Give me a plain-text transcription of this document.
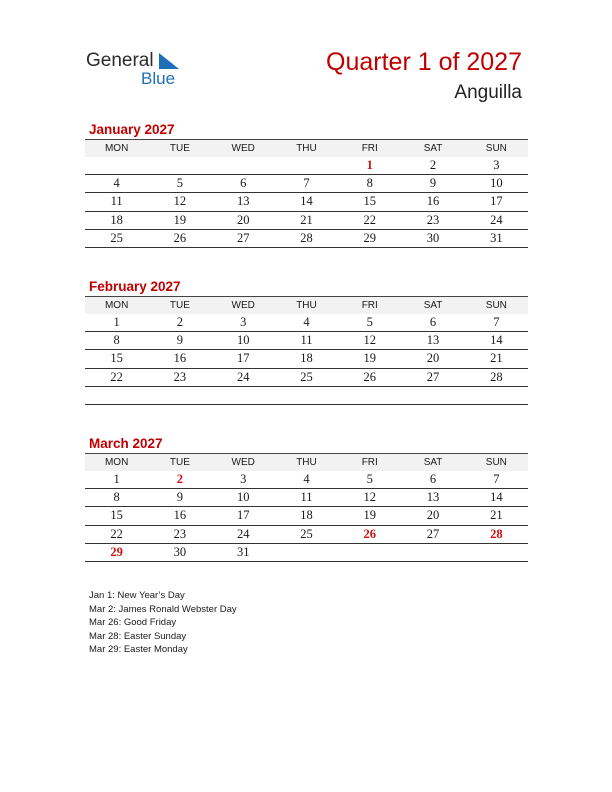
General
Blue
Quarter 1 of 2027
Anguilla
January 2027
MON	TUE	WED	THU	FRI	SAT	SUN
				1	2	3
4	5	6	7	8	9	10
11	12	13	14	15	16	17
18	19	20	21	22	23	24
25	26	27	28	29	30	31
February 2027
MON	TUE	WED	THU	FRI	SAT	SUN
1	2	3	4	5	6	7
8	9	10	11	12	13	14
15	16	17	18	19	20	21
22	23	24	25	26	27	28

March 2027
MON	TUE	WED	THU	FRI	SAT	SUN
1	2	3	4	5	6	7
8	9	10	11	12	13	14
15	16	17	18	19	20	21
22	23	24	25	26	27	28
29	30	31				
Jan 1: New Year’s Day
Mar 2: James Ronald Webster Day
Mar 26: Good Friday
Mar 28: Easter Sunday
Mar 29: Easter Monday
